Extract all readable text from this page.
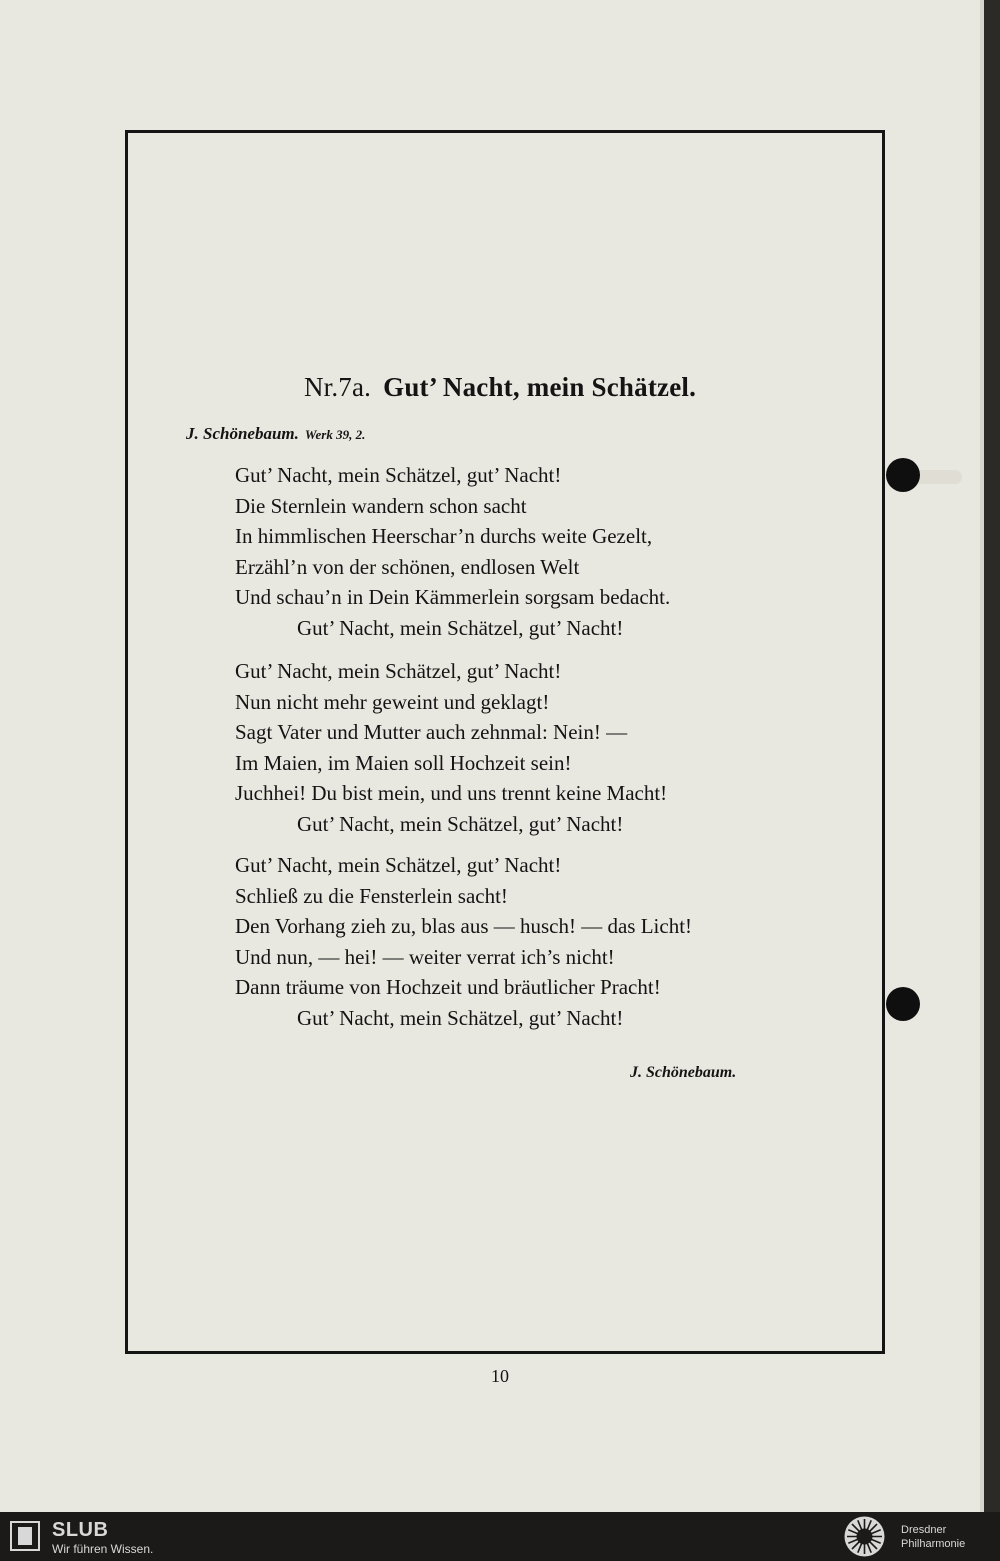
Nr.7a. Gut’ Nacht, mein Schätzel.
J. Schönebaum. Werk 39, 2.
Gut’ Nacht, mein Schätzel, gut’ Nacht!
Die Sternlein wandern schon sacht
In himmlischen Heerschar’n durchs weite Gezelt,
Erzähl’n von der schönen, endlosen Welt
Und schau’n in Dein Kämmerlein sorgsam bedacht.
Gut’ Nacht, mein Schätzel, gut’ Nacht!
Gut’ Nacht, mein Schätzel, gut’ Nacht!
Nun nicht mehr geweint und geklagt!
Sagt Vater und Mutter auch zehnmal: Nein! —
Im Maien, im Maien soll Hochzeit sein!
Juchhei! Du bist mein, und uns trennt keine Macht!
Gut’ Nacht, mein Schätzel, gut’ Nacht!
Gut’ Nacht, mein Schätzel, gut’ Nacht!
Schließ zu die Fensterlein sacht!
Den Vorhang zieh zu, blas aus — husch! — das Licht!
Und nun, — hei! — weiter verrat ich’s nicht!
Dann träume von Hochzeit und bräutlicher Pracht!
Gut’ Nacht, mein Schätzel, gut’ Nacht!
J. Schönebaum.
10
SLUB
Wir führen Wissen.
Dresdner
Philharmonie
